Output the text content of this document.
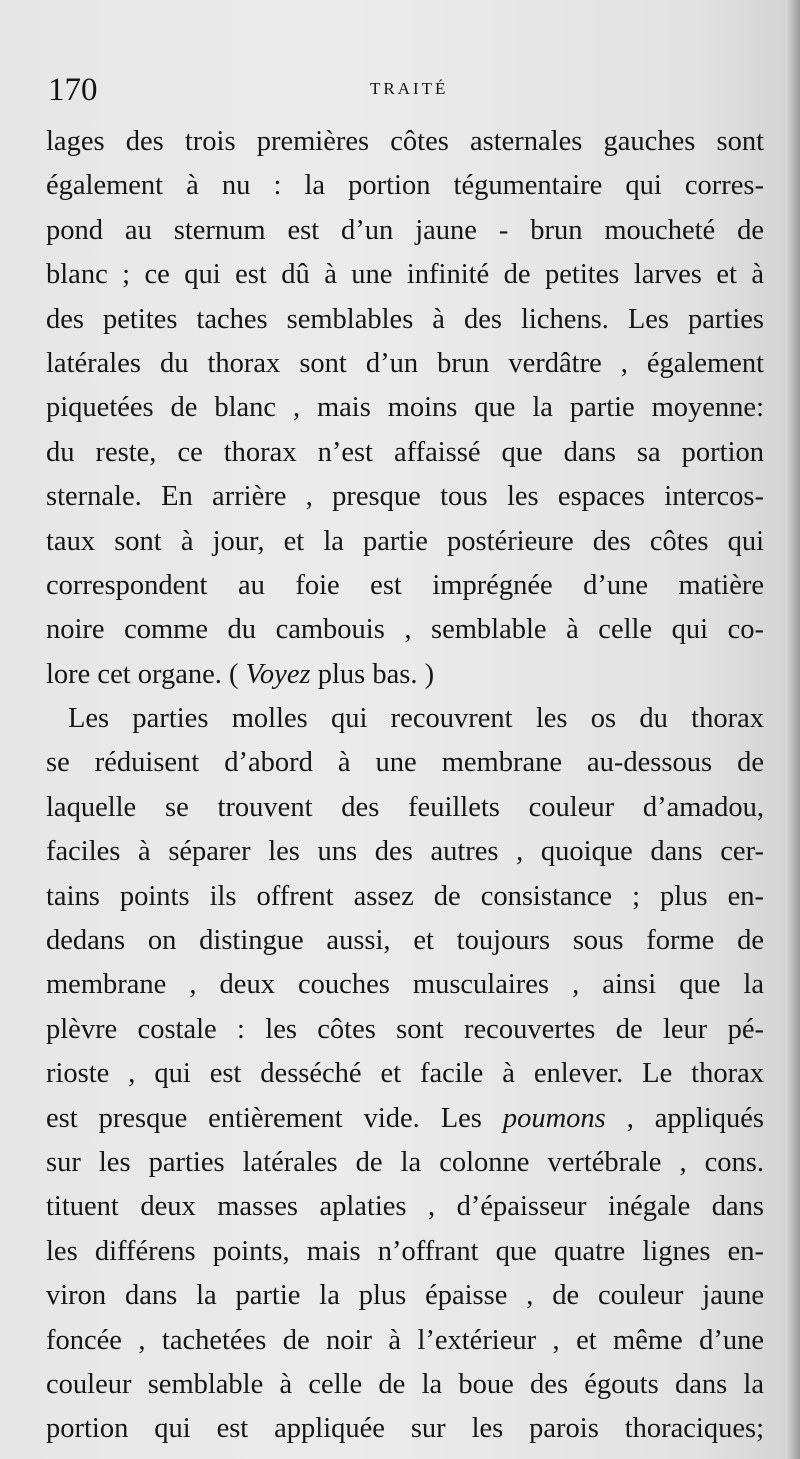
170	TRAITÉ
lages des trois premières côtes asternales gauches sont
également à nu : la portion tégumentaire qui corres-
pond au sternum est d’un jaune - brun moucheté de
blanc ; ce qui est dû à une infinité de petites larves et à
des petites taches semblables à des lichens. Les parties
latérales du thorax sont d’un brun verdâtre , également
piquetées de blanc , mais moins que la partie moyenne:
du reste, ce thorax n’est affaissé que dans sa portion
sternale. En arrière , presque tous les espaces intercos-
taux sont à jour, et la partie postérieure des côtes qui
correspondent au foie est imprégnée d’une matière
noire comme du cambouis , semblable à celle qui co-
lore cet organe. ( Voyez plus bas. )
Les parties molles qui recouvrent les os du thorax
se réduisent d’abord à une membrane au-dessous de
laquelle se trouvent des feuillets couleur d’amadou,
faciles à séparer les uns des autres , quoique dans cer-
tains points ils offrent assez de consistance ; plus en-
dedans on distingue aussi, et toujours sous forme de
membrane , deux couches musculaires , ainsi que la
plèvre costale : les côtes sont recouvertes de leur pé-
rioste , qui est desséché et facile à enlever. Le thorax
est presque entièrement vide. Les poumons , appliqués
sur les parties latérales de la colonne vertébrale , cons.
tituent deux masses aplaties , d’épaisseur inégale dans
les différens points, mais n’offrant que quatre lignes en-
viron dans la partie la plus épaisse , de couleur jaune
foncée , tachetées de noir à l’extérieur , et même d’une
couleur semblable à celle de la boue des égouts dans la
portion qui est appliquée sur les parois thoraciques;
